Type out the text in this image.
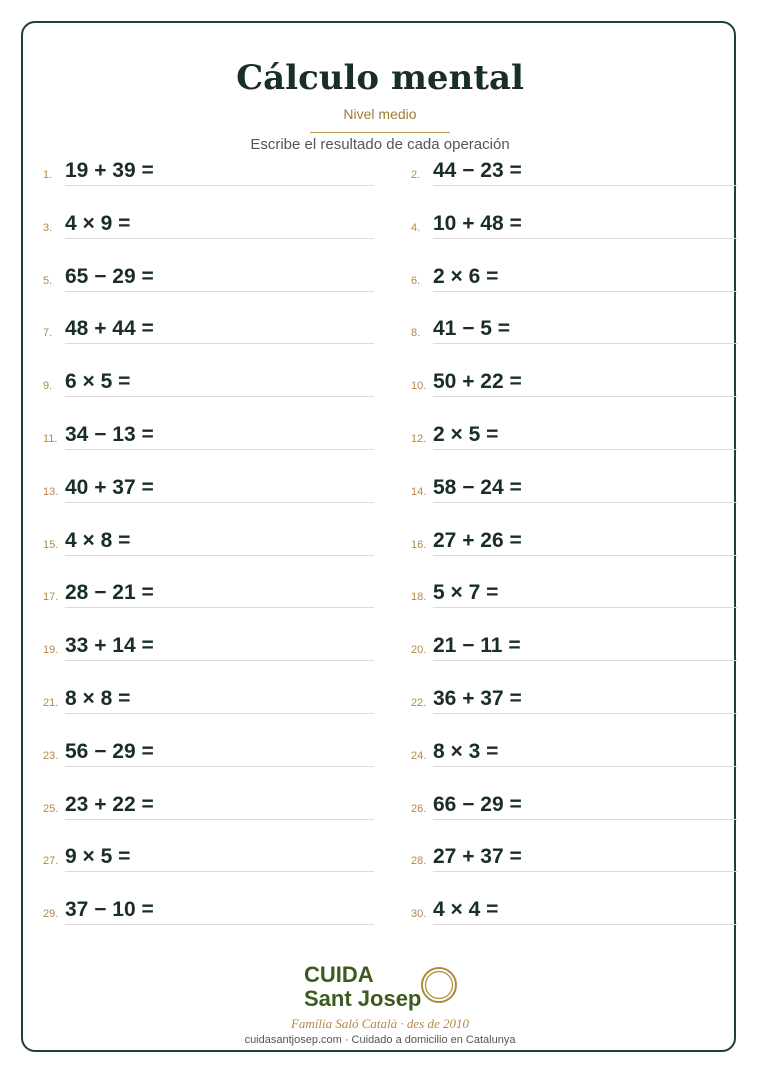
Cálculo mental
Nivel medio
Escribe el resultado de cada operación
1. 19 + 39 =	2. 44 − 23 =
3. 4 × 9 =	4. 10 + 48 =
5. 65 − 29 =	6. 2 × 6 =
7. 48 + 44 =	8. 41 − 5 =
9. 6 × 5 =	10. 50 + 22 =
11. 34 − 13 =	12. 2 × 5 =
13. 40 + 37 =	14. 58 − 24 =
15. 4 × 8 =	16. 27 + 26 =
17. 28 − 21 =	18. 5 × 7 =
19. 33 + 14 =	20. 21 − 11 =
21. 8 × 8 =	22. 36 + 37 =
23. 56 − 29 =	24. 8 × 3 =
25. 23 + 22 =	26. 66 − 29 =
27. 9 × 5 =	28. 27 + 37 =
29. 37 − 10 =	30. 4 × 4 =
CUIDA
Sant Josep
Família Saló Català · des de 2010
cuidasantjosep.com · Cuidado a domicilio en Catalunya
